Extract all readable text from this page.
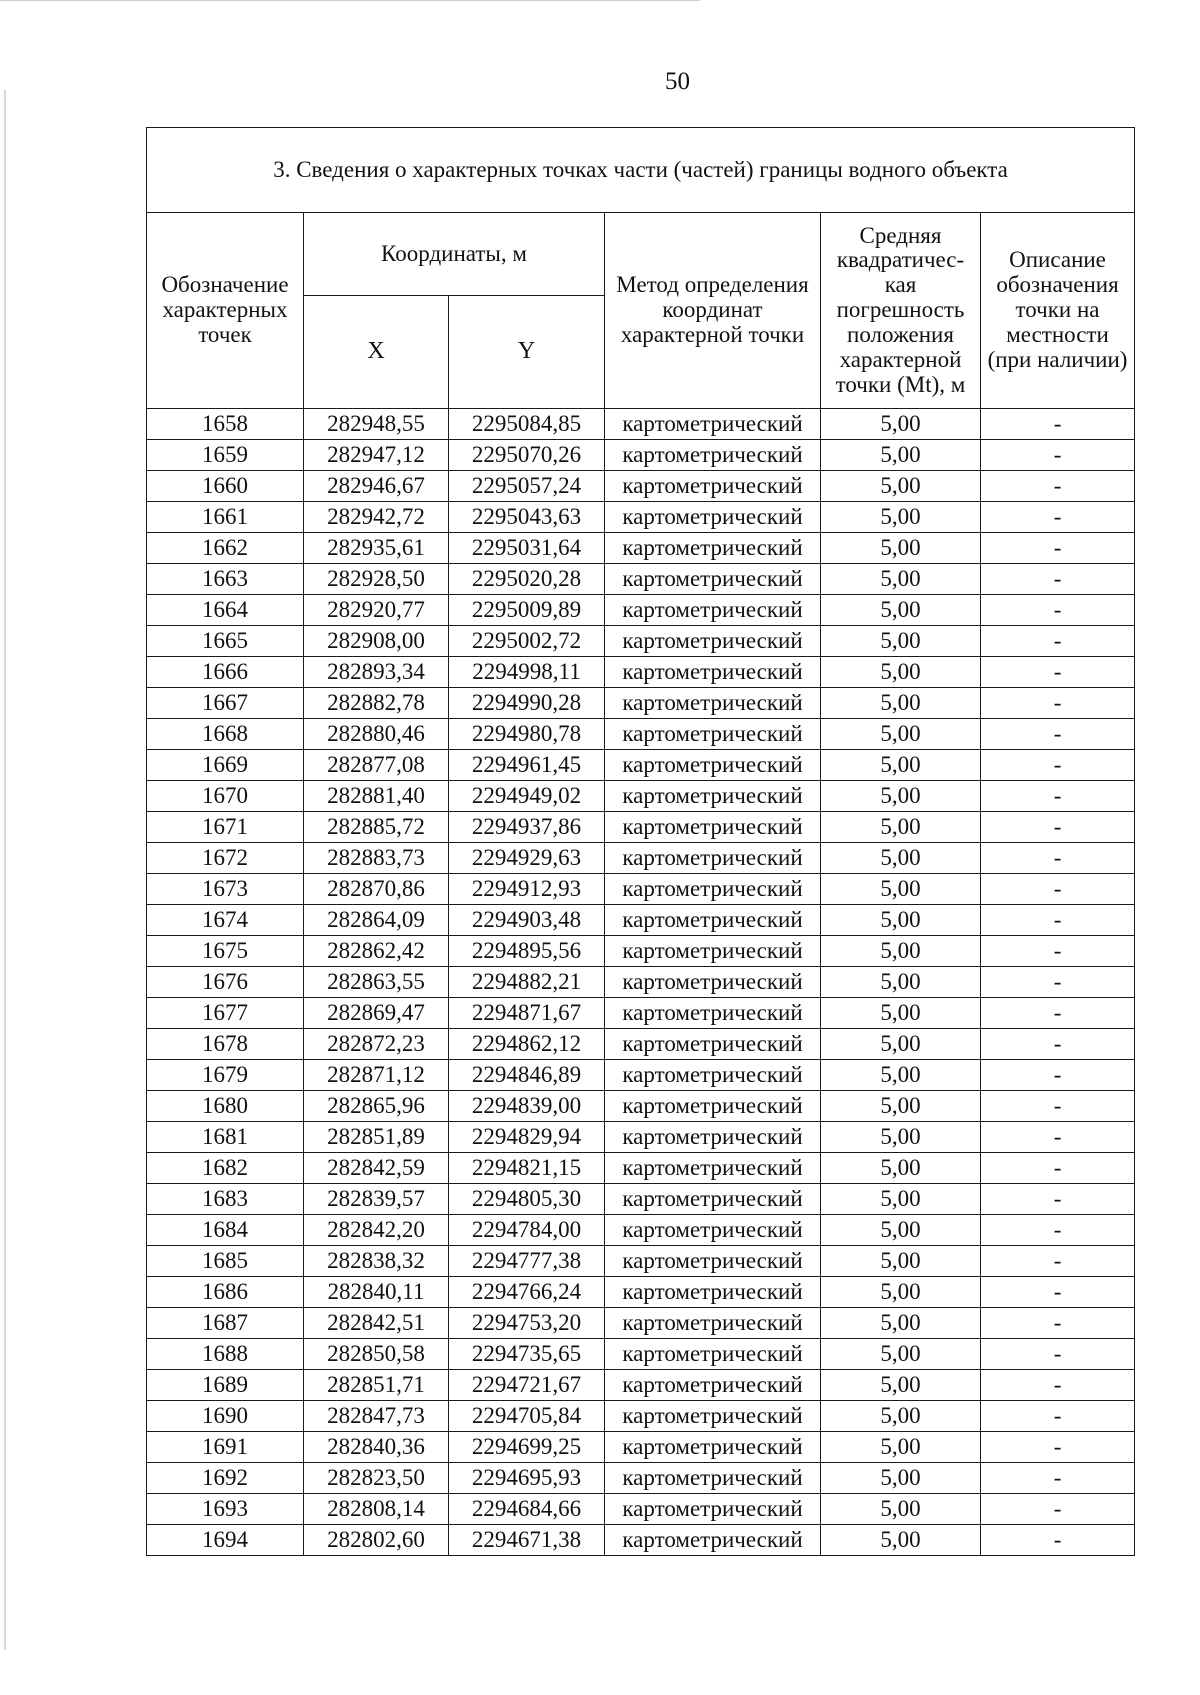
50
3. Сведения о характерных точках части (частей) границы водного объекта					
Обозначение характерных точек	Координаты, м		Метод определения координат характерной точки	Средняя квадратичес-кая погрешность положения характерной точки (Mt), м	Описание обозначения точки на местности (при наличии)
	X	Y			
1658	282948,55	2295084,85	картометрический	5,00	-
1659	282947,12	2295070,26	картометрический	5,00	-
1660	282946,67	2295057,24	картометрический	5,00	-
1661	282942,72	2295043,63	картометрический	5,00	-
1662	282935,61	2295031,64	картометрический	5,00	-
1663	282928,50	2295020,28	картометрический	5,00	-
1664	282920,77	2295009,89	картометрический	5,00	-
1665	282908,00	2295002,72	картометрический	5,00	-
1666	282893,34	2294998,11	картометрический	5,00	-
1667	282882,78	2294990,28	картометрический	5,00	-
1668	282880,46	2294980,78	картометрический	5,00	-
1669	282877,08	2294961,45	картометрический	5,00	-
1670	282881,40	2294949,02	картометрический	5,00	-
1671	282885,72	2294937,86	картометрический	5,00	-
1672	282883,73	2294929,63	картометрический	5,00	-
1673	282870,86	2294912,93	картометрический	5,00	-
1674	282864,09	2294903,48	картометрический	5,00	-
1675	282862,42	2294895,56	картометрический	5,00	-
1676	282863,55	2294882,21	картометрический	5,00	-
1677	282869,47	2294871,67	картометрический	5,00	-
1678	282872,23	2294862,12	картометрический	5,00	-
1679	282871,12	2294846,89	картометрический	5,00	-
1680	282865,96	2294839,00	картометрический	5,00	-
1681	282851,89	2294829,94	картометрический	5,00	-
1682	282842,59	2294821,15	картометрический	5,00	-
1683	282839,57	2294805,30	картометрический	5,00	-
1684	282842,20	2294784,00	картометрический	5,00	-
1685	282838,32	2294777,38	картометрический	5,00	-
1686	282840,11	2294766,24	картометрический	5,00	-
1687	282842,51	2294753,20	картометрический	5,00	-
1688	282850,58	2294735,65	картометрический	5,00	-
1689	282851,71	2294721,67	картометрический	5,00	-
1690	282847,73	2294705,84	картометрический	5,00	-
1691	282840,36	2294699,25	картометрический	5,00	-
1692	282823,50	2294695,93	картометрический	5,00	-
1693	282808,14	2294684,66	картометрический	5,00	-
1694	282802,60	2294671,38	картометрический	5,00	-
